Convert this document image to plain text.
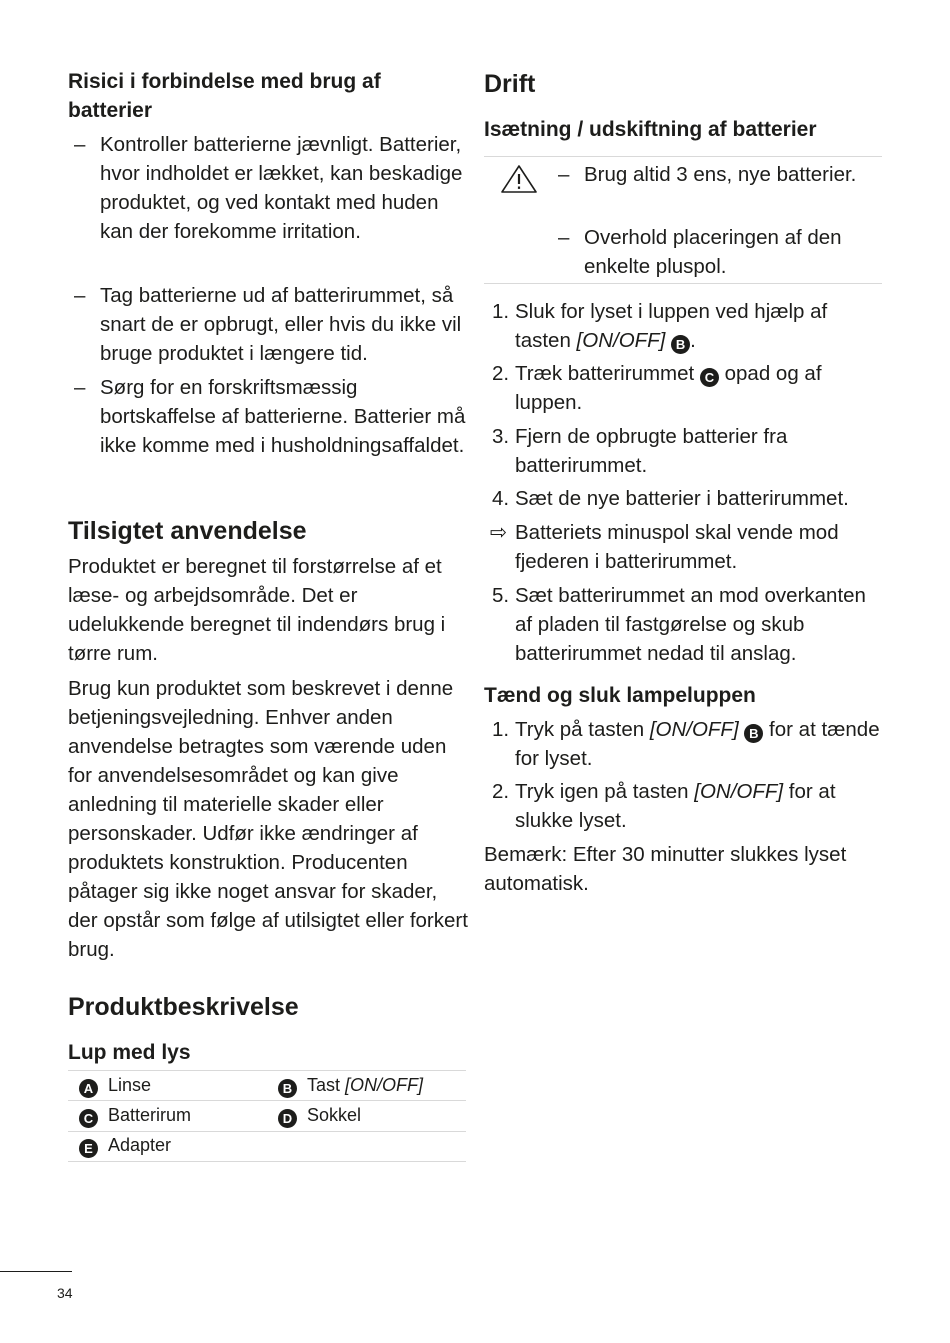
Risici i forbindelse med brug af batterier
– Kontroller batterierne jævnligt. Batterier, hvor indholdet er lækket, kan beskadige produktet, og ved kontakt med huden kan der forekomme irritation.
– Tag batterierne ud af batterirummet, så snart de er opbrugt, eller hvis du ikke vil bruge produktet i længere tid.
– Sørg for en forskriftsmæssig bortskaffelse af batterierne. Batterier må ikke komme med i husholdningsaffaldet.
Tilsigtet anvendelse
Produktet er beregnet til forstørrelse af et læse- og arbejdsområde. Det er udelukkende beregnet til indendørs brug i tørre rum.
Brug kun produktet som beskrevet i denne betjeningsvejledning. Enhver anden anvendelse betragtes som værende uden for anvendelsesområdet og kan give anledning til materielle skader eller personskader. Udfør ikke ændringer af produktets konstruktion. Producenten påtager sig ikke noget ansvar for skader, der opstår som følge af utilsigtet eller forkert brug.
Produktbeskrivelse
Lup med lys
A Linse	B Tast [ON/OFF]
C Batterirum	D Sokkel
E Adapter
Drift
Isætning / udskiftning af batterier
– Brug altid 3 ens, nye batterier.
– Overhold placeringen af den enkelte pluspol.
1. Sluk for lyset i luppen ved hjælp af tasten [ON/OFF] B .
2. Træk batterirummet C opad og af luppen.
3. Fjern de opbrugte batterier fra batterirummet.
4. Sæt de nye batterier i batterirummet.
⇨ Batteriets minuspol skal vende mod fjederen i batterirummet.
5. Sæt batterirummet an mod overkanten af pladen til fastgørelse og skub batterirummet nedad til anslag.
Tænd og sluk lampeluppen
1. Tryk på tasten [ON/OFF] B for at tænde for lyset.
2. Tryk igen på tasten [ON/OFF] for at slukke lyset.
Bemærk: Efter 30 minutter slukkes lyset automatisk.
34
